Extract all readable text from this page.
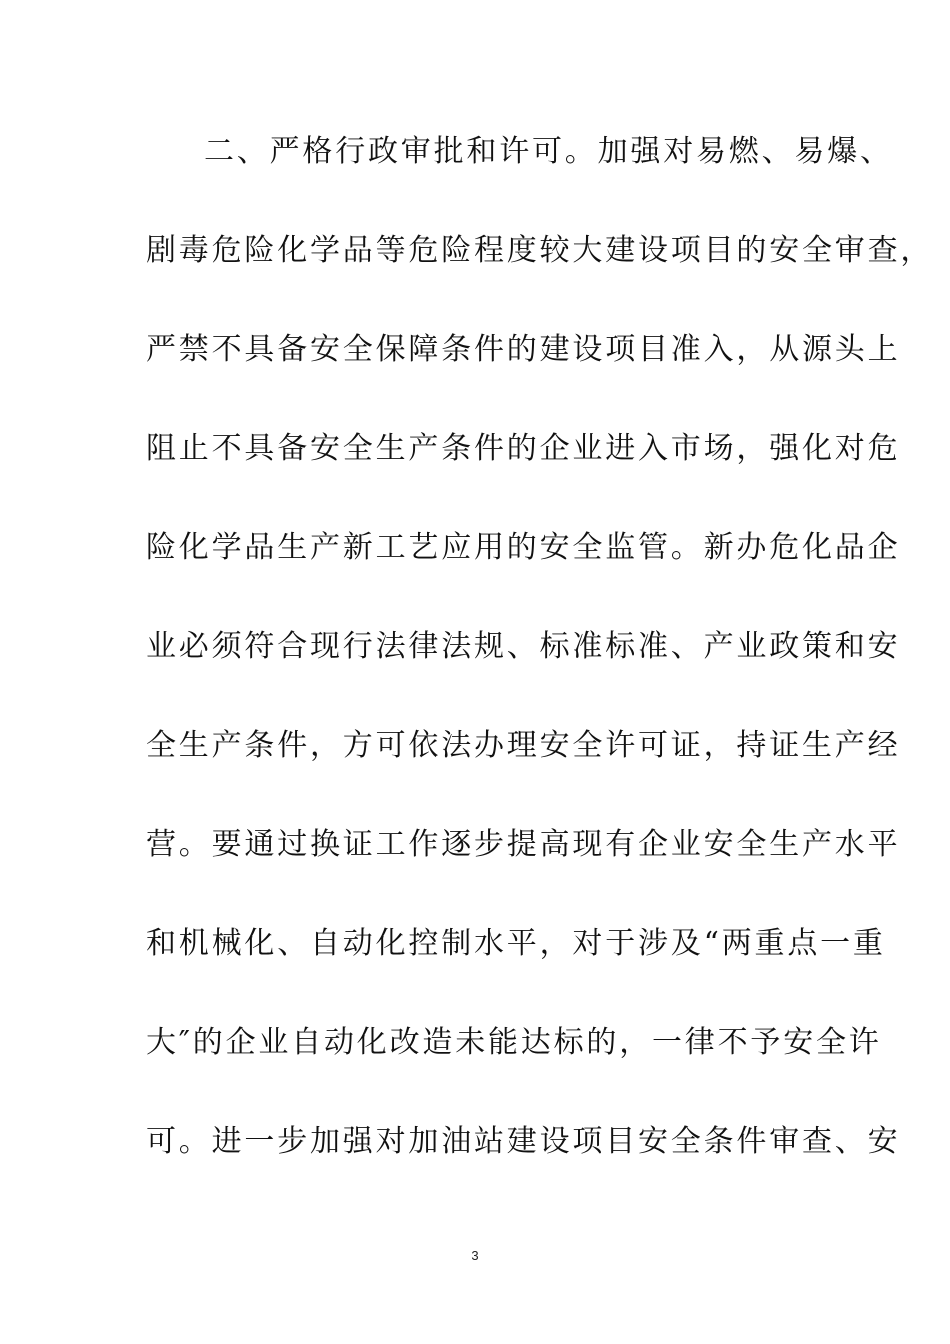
二、严格行政审批和许可。加强对易燃、易爆、
剧毒危险化学品等危险程度较大建设项目的安全审查，
严禁不具备安全保障条件的建设项目准入，从源头上
阻止不具备安全生产条件的企业进入市场，强化对危
险化学品生产新工艺应用的安全监管。新办危化品企
业必须符合现行法律法规、标准标准、产业政策和安
全生产条件，方可依法办理安全许可证，持证生产经
营。要通过换证工作逐步提高现有企业安全生产水平
和机械化、自动化控制水平，对于涉及“两重点一重
大″的企业自动化改造未能达标的，一律不予安全许
可。进一步加强对加油站建设项目安全条件审查、安
3
